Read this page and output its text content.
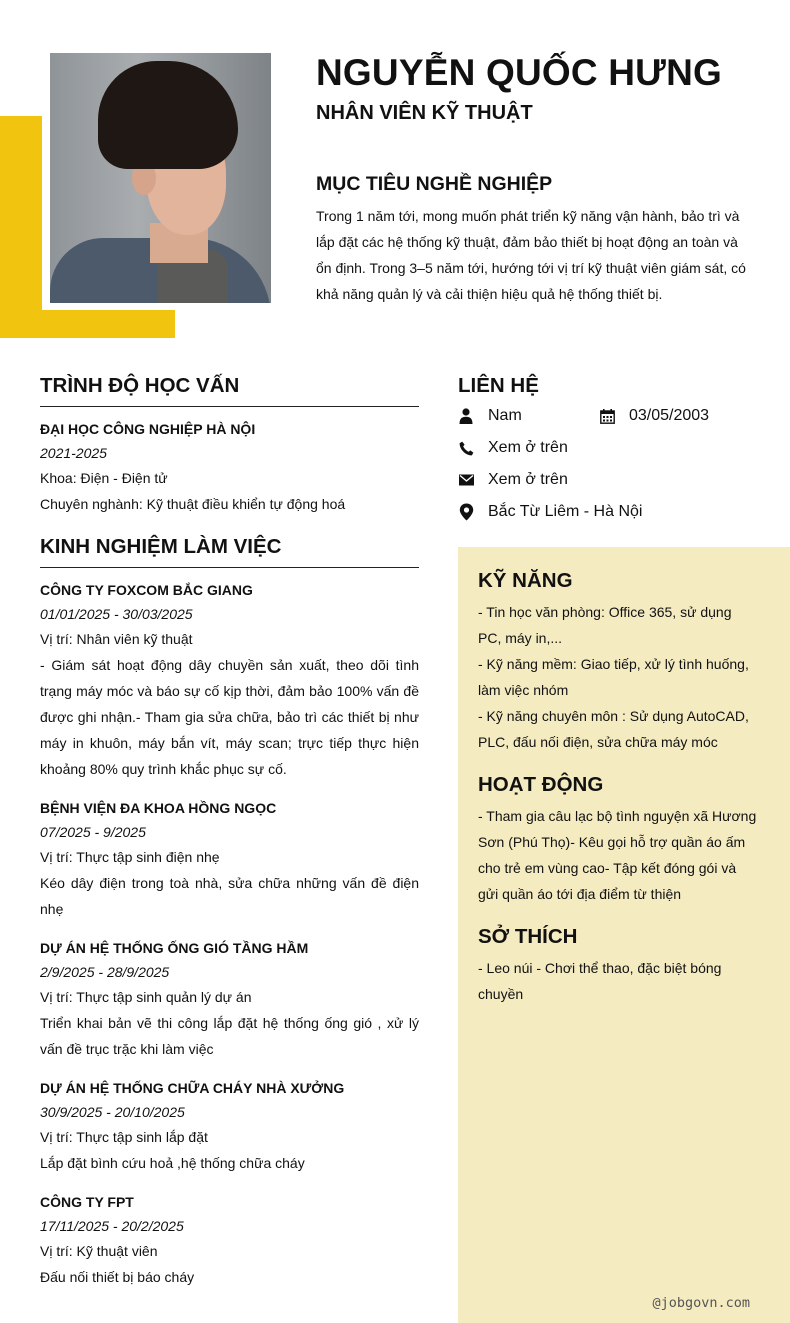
NGUYỄN QUỐC HƯNG
NHÂN VIÊN KỸ THUẬT
MỤC TIÊU NGHỀ NGHIỆP
Trong 1 năm tới, mong muốn phát triển kỹ năng vận hành, bảo trì và lắp đặt các hệ thống kỹ thuật, đảm bảo thiết bị hoạt động an toàn và ổn định. Trong 3–5 năm tới, hướng tới vị trí kỹ thuật viên giám sát, có khả năng quản lý và cải thiện hiệu quả hệ thống thiết bị.
TRÌNH ĐỘ HỌC VẤN
ĐẠI HỌC CÔNG NGHIỆP HÀ NỘI
2021-2025
Khoa: Điện - Điện tử
Chuyên nghành: Kỹ thuật điều khiển tự động hoá
KINH NGHIỆM LÀM VIỆC
CÔNG TY FOXCOM BẮC GIANG
01/01/2025 - 30/03/2025
Vị trí: Nhân viên kỹ thuật
- Giám sát hoạt động dây chuyền sản xuất, theo dõi tình trạng máy móc và báo sự cố kịp thời, đảm bảo 100% vấn đề được ghi nhận.- Tham gia sửa chữa, bảo trì các thiết bị như máy in khuôn, máy bắn vít, máy scan; trực tiếp thực hiện khoảng 80% quy trình khắc phục sự cố.
BỆNH VIỆN ĐA KHOA HỒNG NGỌC
07/2025 - 9/2025
Vị trí: Thực tập sinh điện nhẹ
Kéo dây điện trong toà nhà, sửa chữa những vấn đề điện nhẹ
DỰ ÁN HỆ THỐNG ỐNG GIÓ TẦNG HẦM
2/9/2025 - 28/9/2025
Vị trí: Thực tập sinh quản lý dự án
Triển khai bản vẽ thi công lắp đặt hệ thống ống gió , xử lý vấn đề trục trặc khi làm việc
DỰ ÁN HỆ THỐNG CHỮA CHÁY NHÀ XƯỞNG
30/9/2025 - 20/10/2025
Vị trí: Thực tập sinh lắp đặt
Lắp đặt bình cứu hoả ,hệ thống chữa cháy
CÔNG TY FPT
17/11/2025 - 20/2/2025
Vị trí: Kỹ thuật viên
Đấu nối thiết bị báo cháy
LIÊN HỆ
Nam	03/05/2003
Xem ở trên
Xem ở trên
Bắc Từ Liêm - Hà Nội
KỸ NĂNG
- Tin học văn phòng: Office 365, sử dụng PC, máy in,...
- Kỹ năng mềm: Giao tiếp, xử lý tình huống, làm việc nhóm
- Kỹ năng chuyên môn : Sử dụng AutoCAD, PLC, đấu nối điện, sửa chữa máy móc
HOẠT ĐỘNG
- Tham gia câu lạc bộ tình nguyện xã Hương Sơn (Phú Thọ)- Kêu gọi hỗ trợ quần áo ấm cho trẻ em vùng cao- Tập kết đóng gói và gửi quần áo tới địa điểm từ thiện
SỞ THÍCH
- Leo núi - Chơi thể thao, đặc biệt bóng chuyền
@jobgovn.com
